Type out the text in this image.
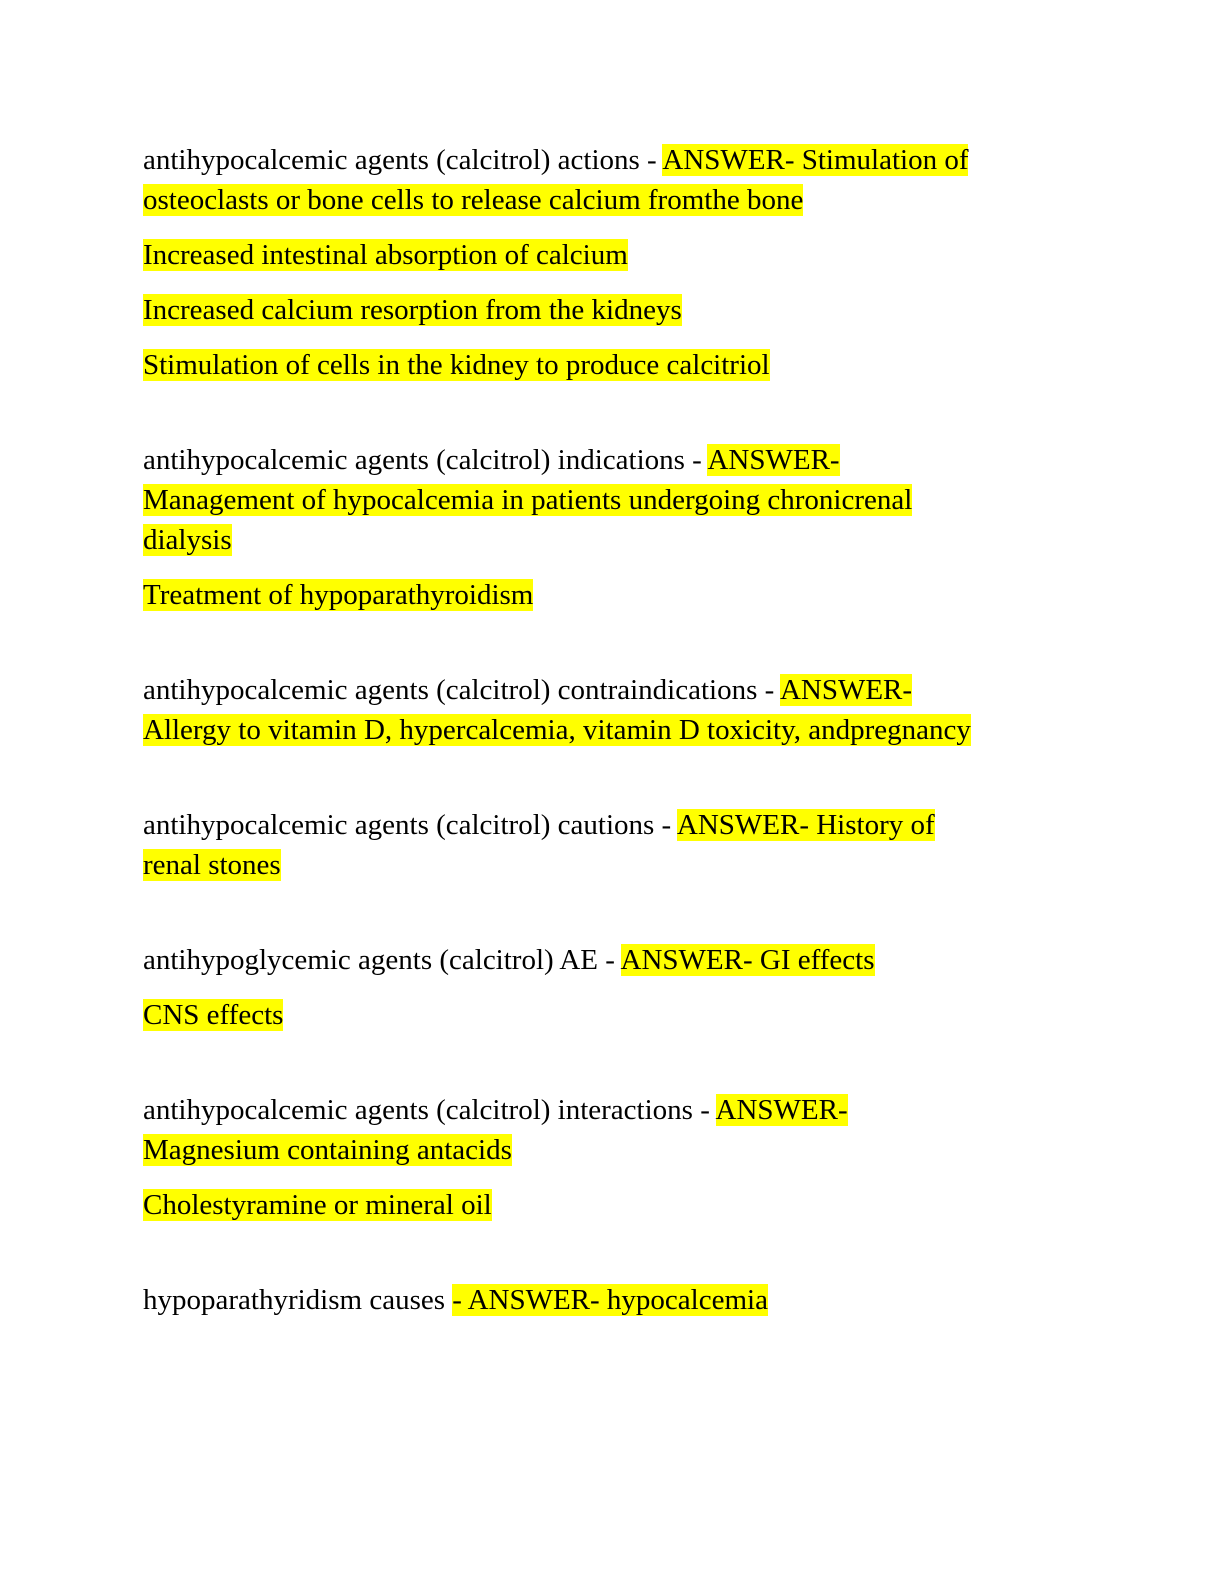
antihypocalcemic agents (calcitrol) actions - ANSWER- Stimulation of
osteoclasts or bone cells to release calcium fromthe bone
Increased intestinal absorption of calcium
Increased calcium resorption from the kidneys
Stimulation of cells in the kidney to produce calcitriol
antihypocalcemic agents (calcitrol) indications - ANSWER-
Management of hypocalcemia in patients undergoing chronicrenal
dialysis
Treatment of hypoparathyroidism
antihypocalcemic agents (calcitrol) contraindications - ANSWER-
Allergy to vitamin D, hypercalcemia, vitamin D toxicity, andpregnancy
antihypocalcemic agents (calcitrol) cautions - ANSWER- History of
renal stones
antihypoglycemic agents (calcitrol) AE - ANSWER- GI effects
CNS effects
antihypocalcemic agents (calcitrol) interactions - ANSWER-
Magnesium containing antacids
Cholestyramine or mineral oil
hypoparathyridism causes - ANSWER- hypocalcemia
